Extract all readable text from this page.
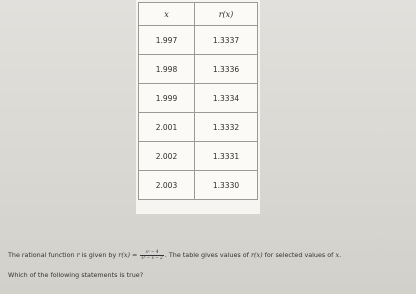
x	r(x)
1.997	1.3337
1.998	1.3336
1.999	1.3334
2.001	1.3332
2.002	1.3331
2.003	1.3330
The rational function r is given by $r(x) = \frac{\text{x² − 4}}{\text{x³ − x − 2}}$ . The table gives values of r(x) for selected values of x.
Which of the following statements is true?
